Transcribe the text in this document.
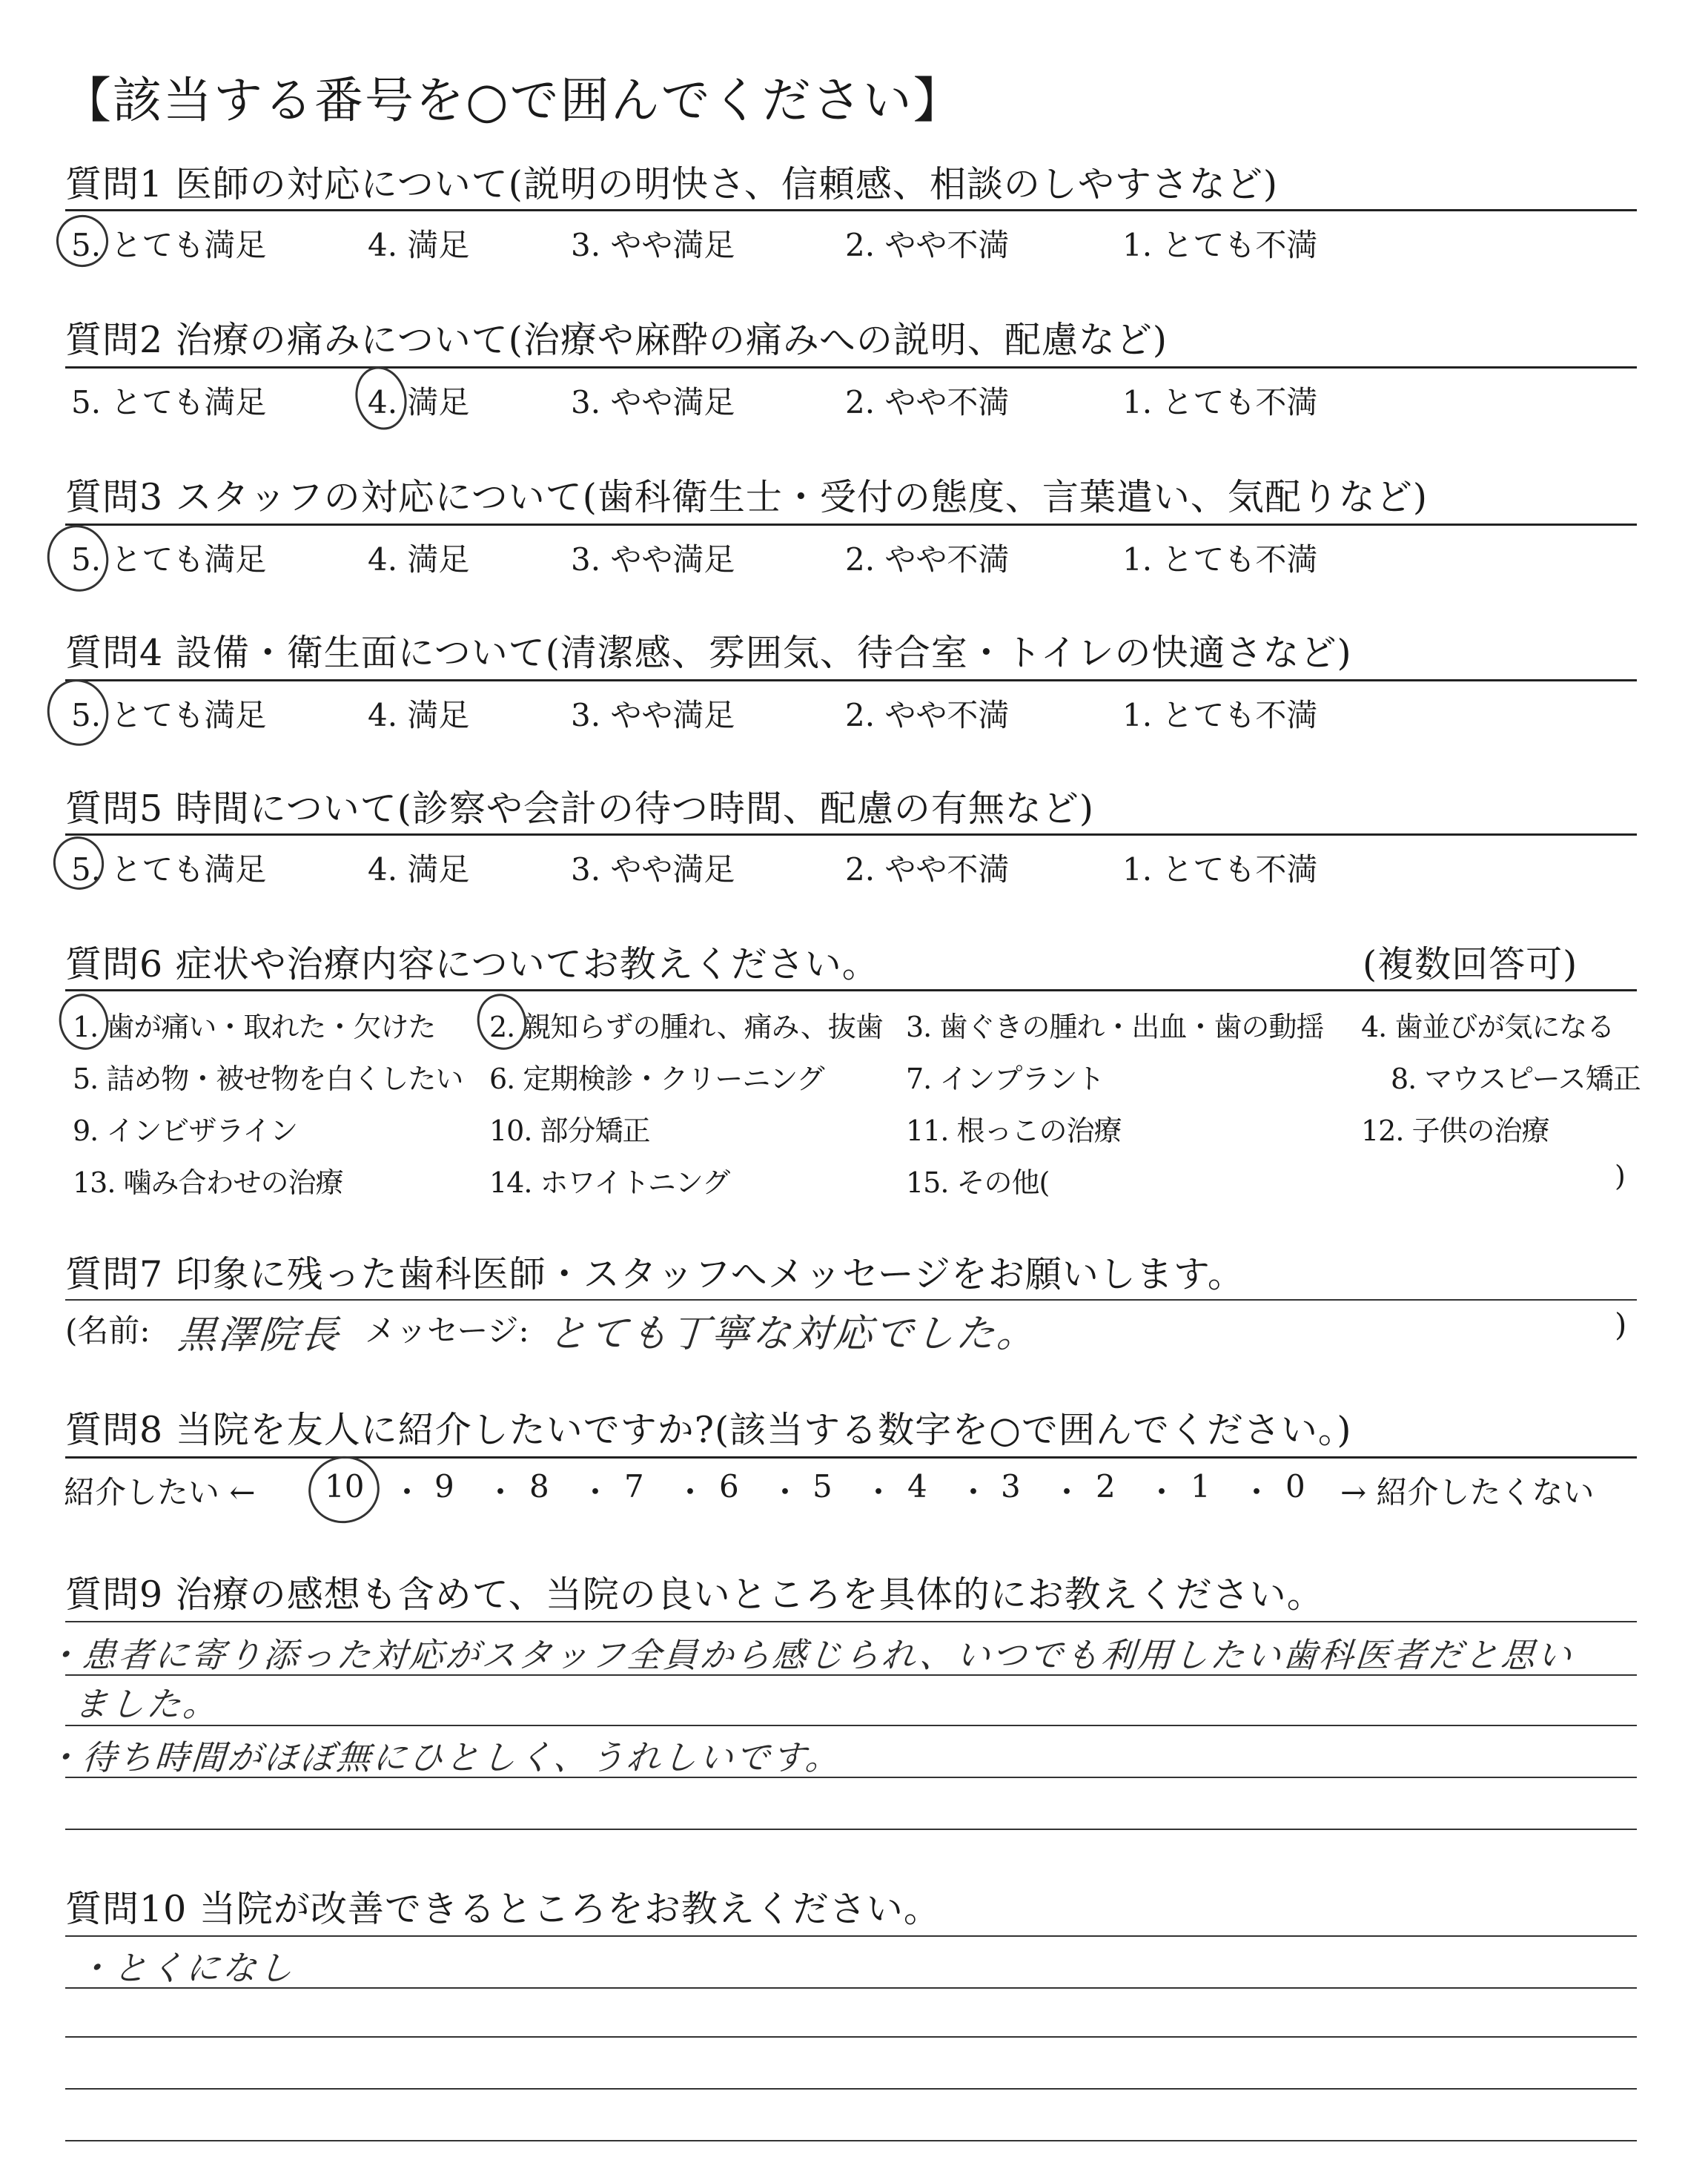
【該当する番号を○で囲んでください】
質問1 医師の対応について(説明の明快さ、信頼感、相談のしやすさなど)
5. とても満足	4. 満足	3. やや満足	2. やや不満	1. とても不満
質問2 治療の痛みについて(治療や麻酔の痛みへの説明、配慮など)
5. とても満足	4. 満足	3. やや満足	2. やや不満	1. とても不満
質問3 スタッフの対応について(歯科衛生士・受付の態度、言葉遣い、気配りなど)
5. とても満足	4. 満足	3. やや満足	2. やや不満	1. とても不満
質問4 設備・衛生面について(清潔感、雰囲気、待合室・トイレの快適さなど)
5. とても満足	4. 満足	3. やや満足	2. やや不満	1. とても不満
質問5 時間について(診察や会計の待つ時間、配慮の有無など)
5. とても満足	4. 満足	3. やや満足	2. やや不満	1. とても不満
質問6 症状や治療内容についてお教えください。	(複数回答可)
1. 歯が痛い・取れた・欠けた 2. 親知らずの腫れ、痛み、抜歯 3. 歯ぐきの腫れ・出血・歯の動揺 4. 歯並びが気になる
5. 詰め物・被せ物を白くしたい 6. 定期検診・クリーニング	7. インプラント	8. マウスピース矯正
9. インビザライン	10. 部分矯正	11. 根っこの治療	12. 子供の治療
13. 噛み合わせの治療	14. ホワイトニング	15. その他(	)
質問7 印象に残った歯科医師・スタッフへメッセージをお願いします。
(名前: 黒澤院長 メッセージ: とても丁寧な対応でした。	)
質問8 当院を友人に紹介したいですか?(該当する数字を○で囲んでください。)
紹介したい ←	→ 紹介したくない
10 ・ 9 ・ 8 ・ 7 ・ 6 ・ 5 ・ 4 ・ 3 ・ 2 ・ 1 ・ 0
質問9 治療の感想も含めて、当院の良いところを具体的にお教えください。
・患者に寄り添った対応がスタッフ全員から感じられ、いつでも利用したい歯科医者だと思い
ました。
・待ち時間がほぼ無にひとしく、うれしいです。
質問10 当院が改善できるところをお教えください。
・とくになし
